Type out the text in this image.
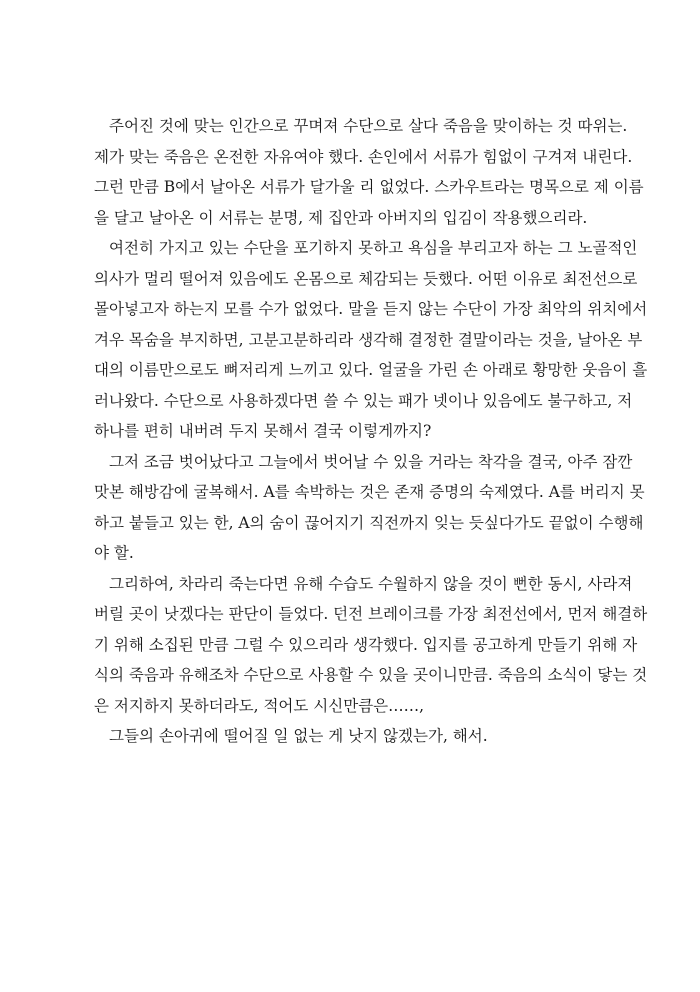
주어진 것에 맞는 인간으로 꾸며져 수단으로 살다 죽음을 맞이하는 것 따위는.
제가 맞는 죽음은 온전한 자유여야 했다. 손인에서 서류가 힘없이 구겨져 내린다.
그런 만큼 B에서 날아온 서류가 달가울 리 없었다. 스카우트라는 명목으로 제 이름
을 달고 날아온 이 서류는 분명, 제 집안과 아버지의 입김이 작용했으리라.
여전히 가지고 있는 수단을 포기하지 못하고 욕심을 부리고자 하는 그 노골적인
의사가 멀리 떨어져 있음에도 온몸으로 체감되는 듯했다. 어떤 이유로 최전선으로
몰아넣고자 하는지 모를 수가 없었다. 말을 듣지 않는 수단이 가장 최악의 위치에서
겨우 목숨을 부지하면, 고분고분하리라 생각해 결정한 결말이라는 것을, 날아온 부
대의 이름만으로도 뼈저리게 느끼고 있다. 얼굴을 가린 손 아래로 황망한 웃음이 흘
러나왔다. 수단으로 사용하겠다면 쓸 수 있는 패가 넷이나 있음에도 불구하고, 저
하나를 편히 내버려 두지 못해서 결국 이렇게까지?
그저 조금 벗어났다고 그늘에서 벗어날 수 있을 거라는 착각을 결국, 아주 잠깐
맛본 해방감에 굴복해서. A를 속박하는 것은 존재 증명의 숙제였다. A를 버리지 못
하고 붙들고 있는 한, A의 숨이 끊어지기 직전까지 잊는 듯싶다가도 끝없이 수행해
야 할.
그리하여, 차라리 죽는다면 유해 수습도 수월하지 않을 것이 뻔한 동시, 사라져
버릴 곳이 낫겠다는 판단이 들었다. 던전 브레이크를 가장 최전선에서, 먼저 해결하
기 위해 소집된 만큼 그럴 수 있으리라 생각했다. 입지를 공고하게 만들기 위해 자
식의 죽음과 유해조차 수단으로 사용할 수 있을 곳이니만큼. 죽음의 소식이 닿는 것
은 저지하지 못하더라도, 적어도 시신만큼은……,
그들의 손아귀에 떨어질 일 없는 게 낫지 않겠는가, 해서.
